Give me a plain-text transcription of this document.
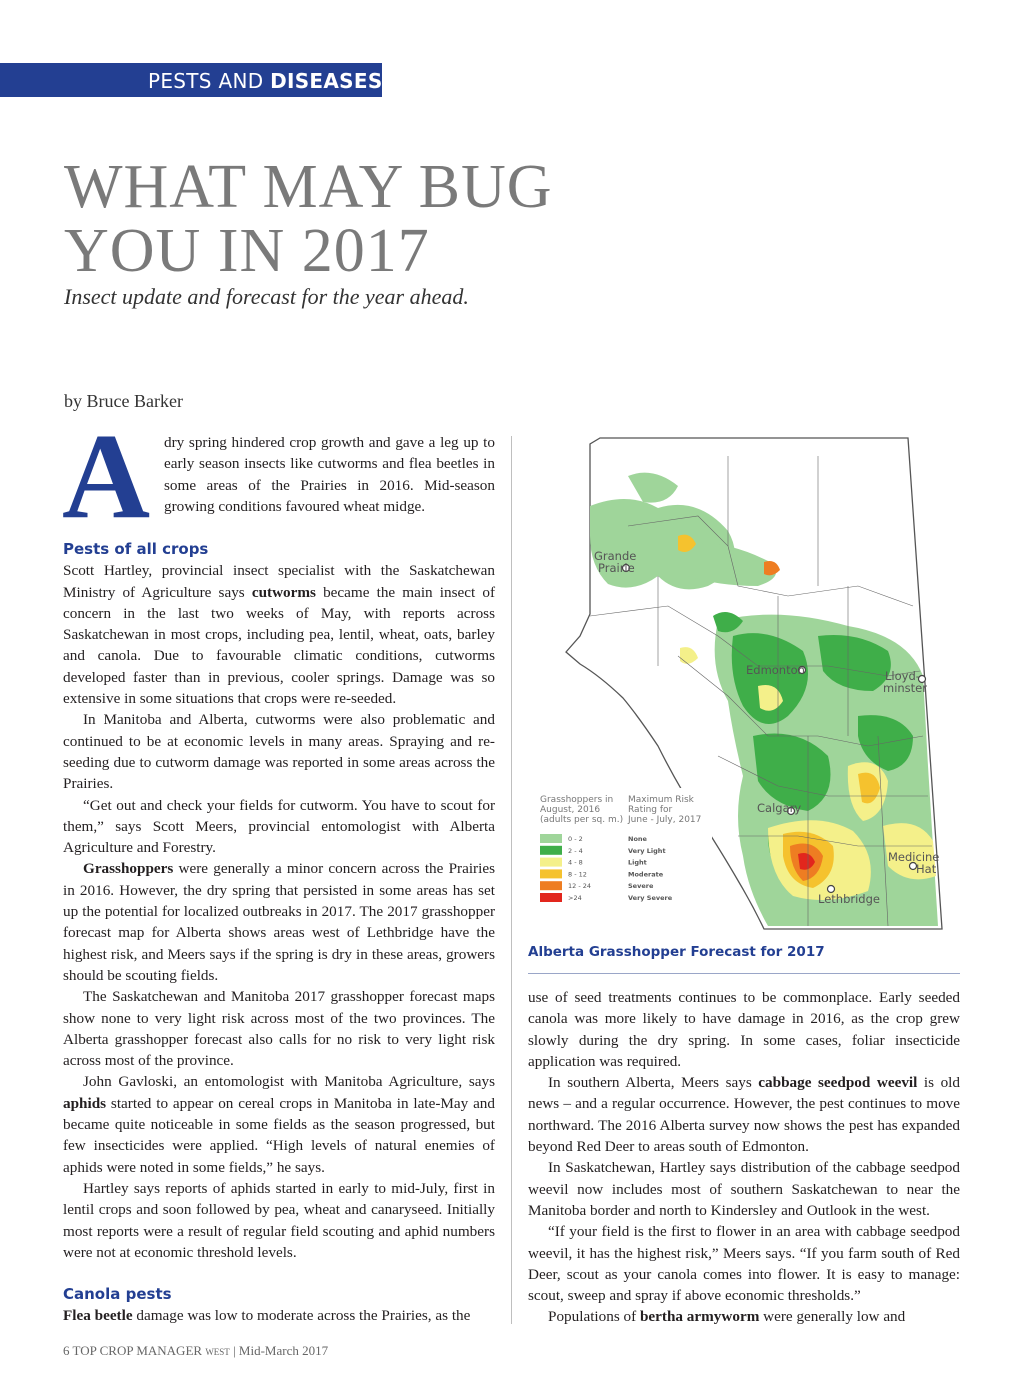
PESTS AND DISEASES
WHAT MAY BUG
YOU IN 2017
Insect update and forecast for the year ahead.
by Bruce Barker
A dry spring hindered crop growth and gave a leg up to early season insects like cutworms and flea beetles in some areas of the Prairies in 2016. Mid-season growing conditions favoured wheat midge.

Pests of all crops

Scott Hartley, provincial insect specialist with the Saskatchewan Ministry of Agriculture says cutworms became the main insect of concern in the last two weeks of May, with reports across Saskatchewan in most crops, including pea, lentil, wheat, oats, barley and canola. Due to favourable climatic conditions, cutworms developed faster than in previous, cooler springs. Damage was so extensive in some situations that crops were re-seeded.

In Manitoba and Alberta, cutworms were also problematic and continued to be at economic levels in many areas. Spraying and re-seeding due to cutworm damage was reported in some areas across the Prairies.

“Get out and check your fields for cutworm. You have to scout for them,” says Scott Meers, provincial entomologist with Alberta Agriculture and Forestry.

Grasshoppers were generally a minor concern across the Prairies in 2016. However, the dry spring that persisted in some areas has set up the potential for localized outbreaks in 2017. The 2017 grasshopper forecast map for Alberta shows areas west of Lethbridge have the highest risk, and Meers says if the spring is dry in these areas, growers should be scouting fields.

The Saskatchewan and Manitoba 2017 grasshopper forecast maps show none to very light risk across most of the two provinces. The Alberta grasshopper forecast also calls for no risk to very light risk across most of the province.

John Gavloski, an entomologist with Manitoba Agriculture, says aphids started to appear on cereal crops in Manitoba in late-May and became quite noticeable in some fields as the season progressed, but few insecticides were applied. “High levels of natural enemies of aphids were noted in some fields,” he says.

Hartley says reports of aphids started in early to mid-July, first in lentil crops and soon followed by pea, wheat and canaryseed. Initially most reports were a result of regular field scouting and aphid numbers were not at economic threshold levels.

Canola pests

Flea beetle damage was low to moderate across the Prairies, as the

Grande
Prairie
Edmonton	Lloyd-
minster
Calgary
Medicine
Hat
Lethbridge
Grasshoppers in
August, 2016
(adults per sq. m.)
Maximum Risk
Rating for
June - July, 2017
0 - 2	None
2 - 4	Very Light
4 - 8	Light
8 - 12	Moderate
12 - 24	Severe
>24	Very Severe
Alberta Grasshopper Forecast for 2017

use of seed treatments continues to be commonplace. Early seeded canola was more likely to have damage in 2016, as the crop grew slowly during the dry spring. In some cases, foliar insecticide application was required.

In southern Alberta, Meers says cabbage seedpod weevil is old news – and a regular occurrence. However, the pest continues to move northward. The 2016 Alberta survey now shows the pest has expanded beyond Red Deer to areas south of Edmonton.

In Saskatchewan, Hartley says distribution of the cabbage seedpod weevil now includes most of southern Saskatchewan to near the Manitoba border and north to Kindersley and Outlook in the west.

“If your field is the first to flower in an area with cabbage seedpod weevil, it has the highest risk,” Meers says. “If you farm south of Red Deer, scout as your canola comes into flower. It is easy to manage: scout, sweep and spray if above economic thresholds.”

Populations of bertha armyworm were generally low and

6 TOP CROP MANAGER WEST | Mid-March 2017
